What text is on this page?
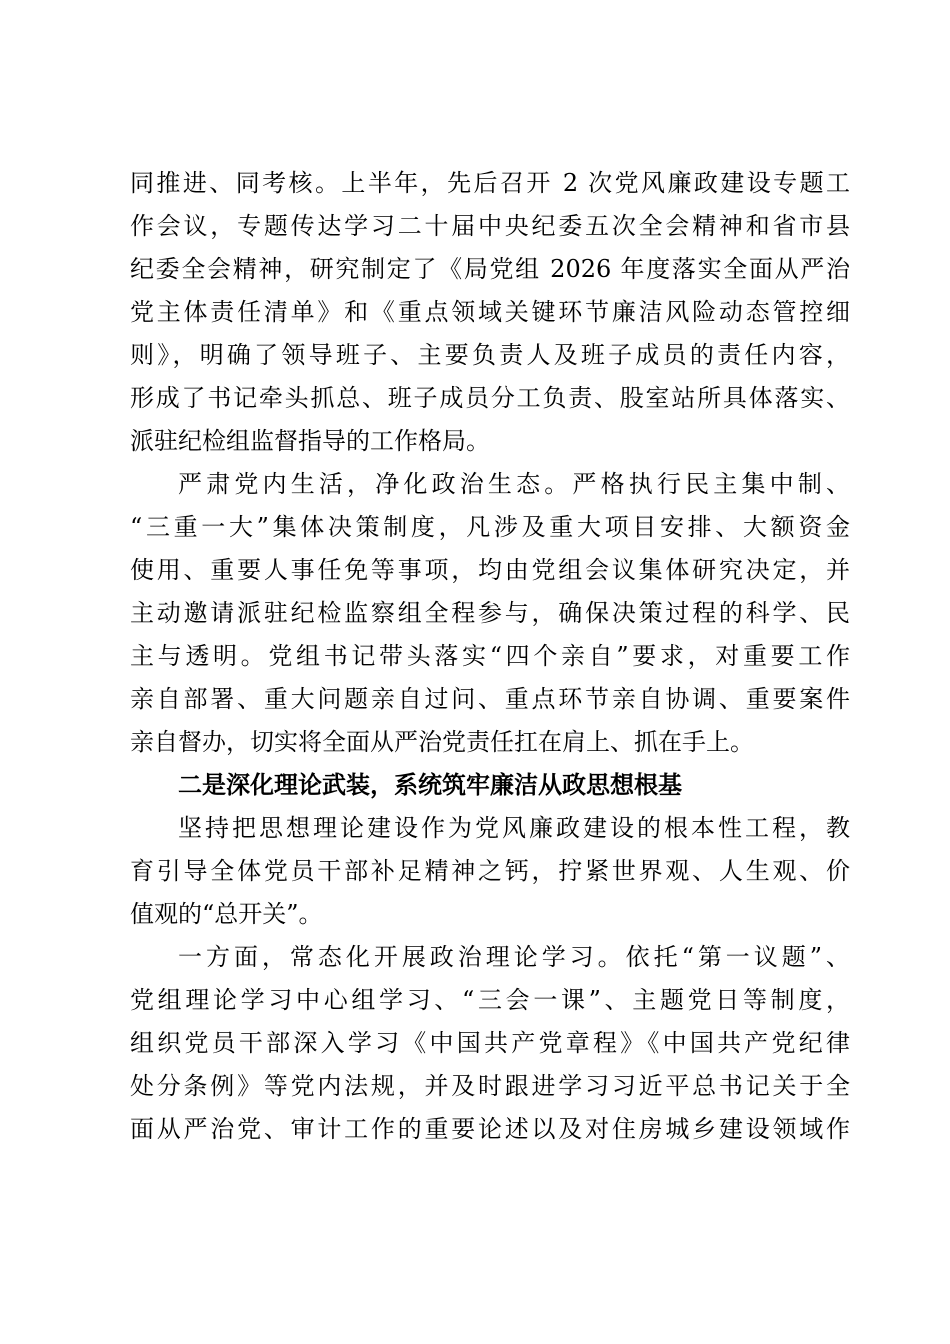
同推进、同考核。上半年，先后召开 2 次党风廉政建设专题工
作会议，专题传达学习二十届中央纪委五次全会精神和省市县
纪委全会精神，研究制定了《局党组 2026 年度落实全面从严治
党主体责任清单》和《重点领域关键环节廉洁风险动态管控细
则》，明确了领导班子、主要负责人及班子成员的责任内容，
形成了书记牵头抓总、班子成员分工负责、股室站所具体落实、
派驻纪检组监督指导的工作格局。
严肃党内生活，净化政治生态。严格执行民主集中制、
“三重一大”集体决策制度，凡涉及重大项目安排、大额资金
使用、重要人事任免等事项，均由党组会议集体研究决定，并
主动邀请派驻纪检监察组全程参与，确保决策过程的科学、民
主与透明。党组书记带头落实“四个亲自”要求，对重要工作
亲自部署、重大问题亲自过问、重点环节亲自协调、重要案件
亲自督办，切实将全面从严治党责任扛在肩上、抓在手上。
二是深化理论武装，系统筑牢廉洁从政思想根基
坚持把思想理论建设作为党风廉政建设的根本性工程，教
育引导全体党员干部补足精神之钙，拧紧世界观、人生观、价
值观的“总开关”。
一方面，常态化开展政治理论学习。依托“第一议题”、
党组理论学习中心组学习、“三会一课”、主题党日等制度，
组织党员干部深入学习《中国共产党章程》《中国共产党纪律
处分条例》等党内法规，并及时跟进学习习近平总书记关于全
面从严治党、审计工作的重要论述以及对住房城乡建设领域作
